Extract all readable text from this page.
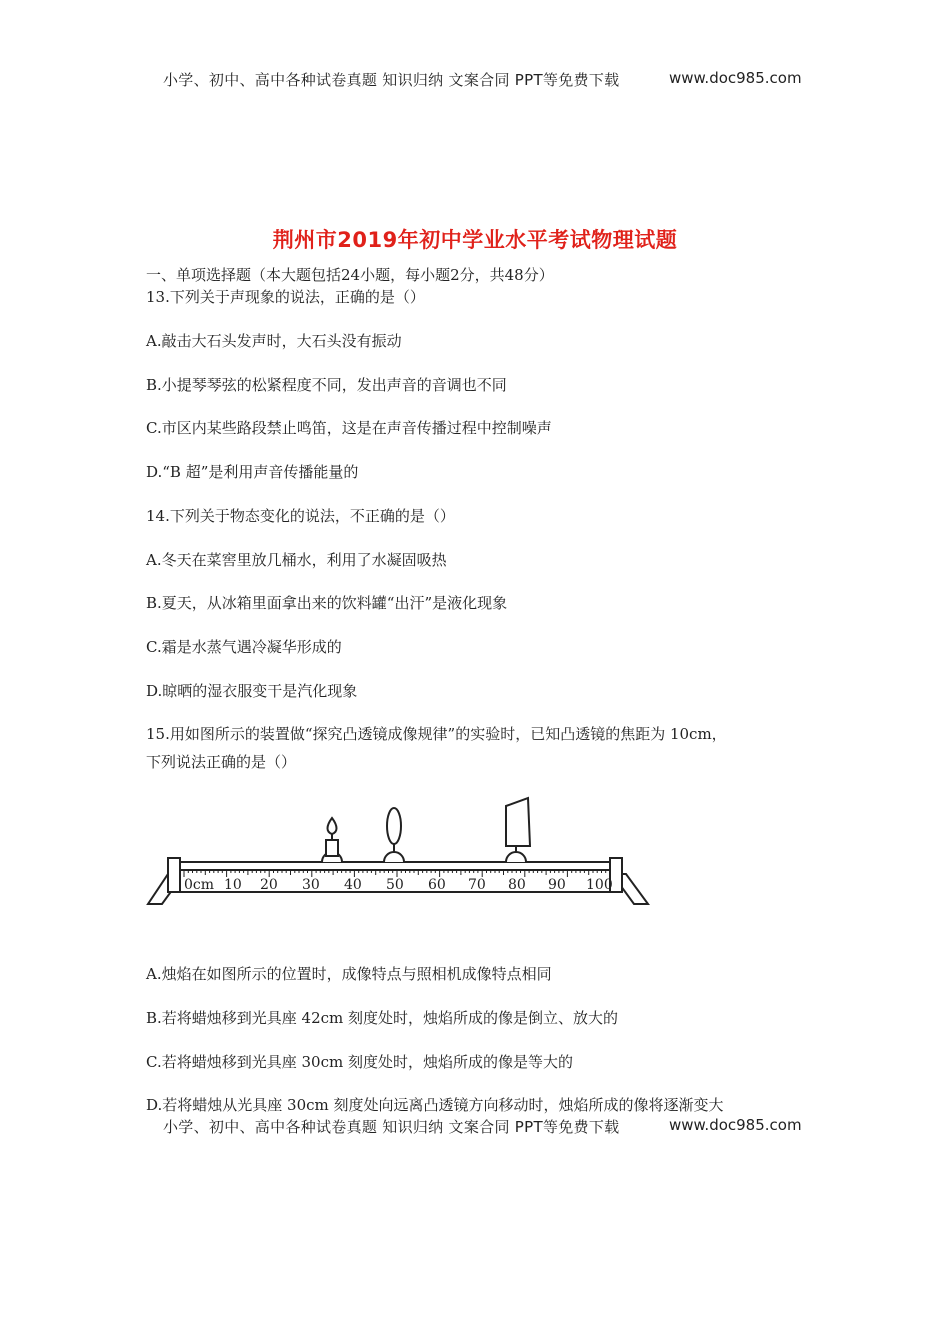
小学、初中、高中各种试卷真题 知识归纳 文案合同 PPT等免费下载	www.doc985.com
荆州市2019年初中学业水平考试物理试题
一、单项选择题（本大题包括24小题，每小题2分，共48分）
13.下列关于声现象的说法，正确的是（）
A.敲击大石头发声时，大石头没有振动
B.小提琴琴弦的松紧程度不同，发出声音的音调也不同
C.市区内某些路段禁止鸣笛，这是在声音传播过程中控制噪声
D.“B 超”是利用声音传播能量的
14.下列关于物态变化的说法，不正确的是（）
A.冬天在菜窖里放几桶水，利用了水凝固吸热
B.夏天，从冰箱里面拿出来的饮料罐“出汗”是液化现象
C.霜是水蒸气遇冷凝华形成的
D.晾晒的湿衣服变干是汽化现象
15.用如图所示的装置做“探究凸透镜成像规律”的实验时，已知凸透镜的焦距为 10cm，
下列说法正确的是（）
0cm 10 20 30 40 50 60 70 80 90 100
A.烛焰在如图所示的位置时，成像特点与照相机成像特点相同
B.若将蜡烛移到光具座 42cm 刻度处时，烛焰所成的像是倒立、放大的
C.若将蜡烛移到光具座 30cm 刻度处时，烛焰所成的像是等大的
D.若将蜡烛从光具座 30cm 刻度处向远离凸透镜方向移动时，烛焰所成的像将逐渐变大
小学、初中、高中各种试卷真题 知识归纳 文案合同 PPT等免费下载	www.doc985.com
